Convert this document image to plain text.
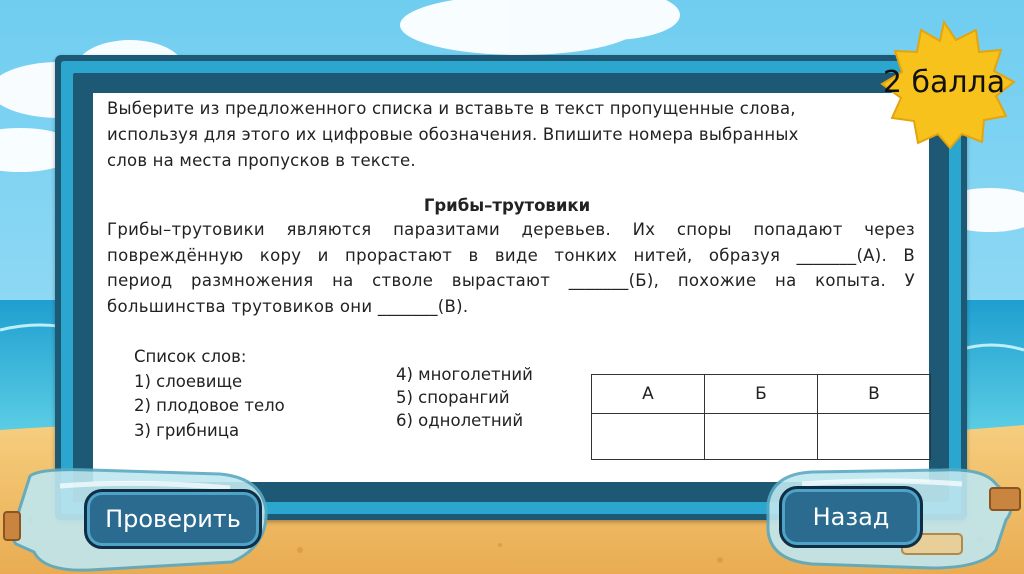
Выберите из предложенного списка и вставьте в текст пропущенные слова,
используя для этого их цифровые обозначения. Впишите номера выбранных
слов на места пропусков в тексте.
Грибы–трутовики
Грибы–трутовики являются паразитами деревьев. Их споры попадают через
повреждённую кору и прорастают в виде тонких нитей, образуя _______(А). В
период размножения на стволе вырастают _______(Б), похожие на копыта. У
большинства трутовиков они _______(В).
Список слов:
1) слоевище
2) плодовое тело
3) грибница
4) многолетний
5) спорангий
6) однолетний
А	Б	В

2 балла
Проверить	Назад
